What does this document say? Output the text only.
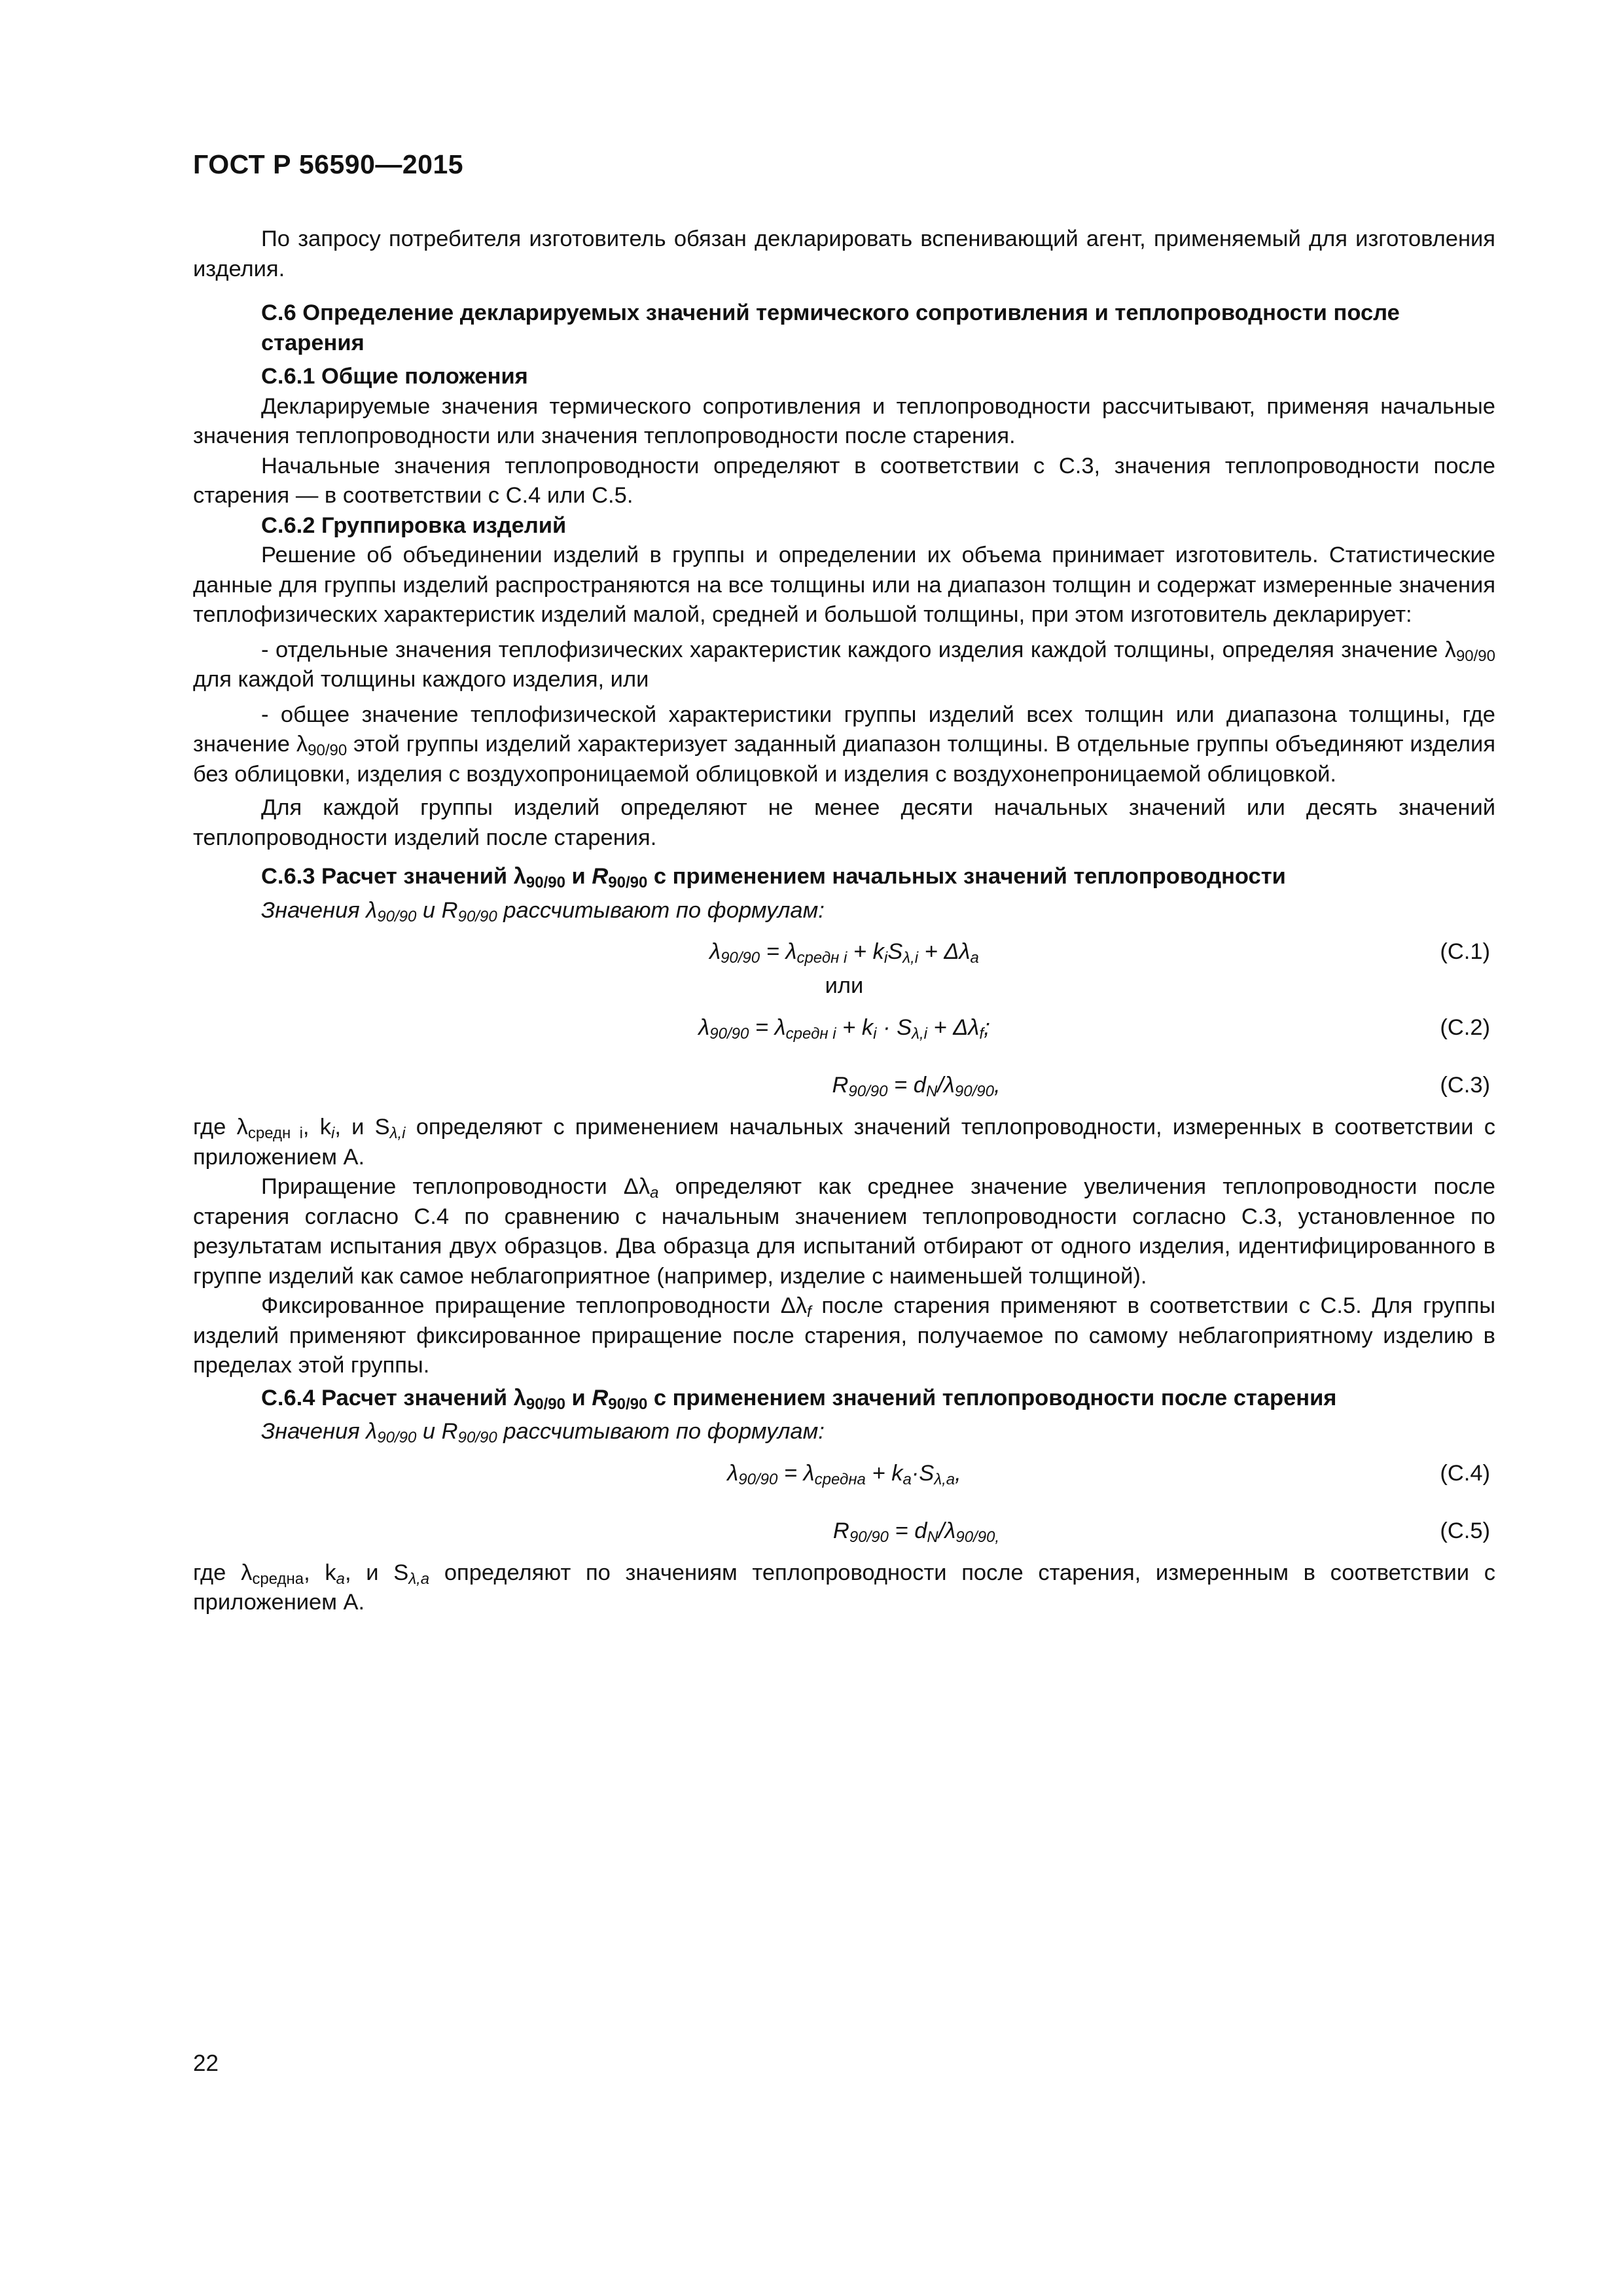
ГОСТ Р 56590—2015

По запросу потребителя изготовитель обязан декларировать вспенивающий агент, применяемый для изготовления изделия.

С.6 Определение декларируемых значений термического сопротивления и теплопроводности после старения
С.6.1 Общие положения

Декларируемые значения термического сопротивления и теплопроводности рассчитывают, применяя начальные значения теплопроводности или значения теплопроводности после старения.

Начальные значения теплопроводности определяют в соответствии с С.3, значения теплопроводности после старения — в соответствии с С.4 или С.5.

С.6.2 Группировка изделий

Решение об объединении изделий в группы и определении их объема принимает изготовитель. Статистические данные для группы изделий распространяются на все толщины или на диапазон толщин и содержат измеренные значения теплофизических характеристик изделий малой, средней и большой толщины, при этом изготовитель декларирует:

- отдельные значения теплофизических характеристик каждого изделия каждой толщины, определяя значение $\lambda_{90/90}$ для каждой толщины каждого изделия, или

- общее значение теплофизической характеристики группы изделий всех толщин или диапазона толщины, где значение $\lambda_{90/90}$ этой группы изделий характеризует заданный диапазон толщины. В отдельные группы объединяют изделия без облицовки, изделия с воздухопроницаемой облицовкой и изделия с воздухонепроницаемой облицовкой.

Для каждой группы изделий определяют не менее десяти начальных значений или десять значений теплопроводности изделий после старения.

С.6.3 Расчет значений $\lambda_{90/90}$ и $R_{90/90}$ с применением начальных значений теплопроводности

Значения $\lambda_{90/90}$ и $R_{90/90}$ рассчитывают по формулам:

$\lambda_{90/90} = \lambda_{средн i} + k_iS_{\lambda,i} + \Delta\lambda_a$	(С.1)
или
$\lambda_{90/90} = \lambda_{средн i} + k_i \cdot S_{\lambda,i} + \Delta\lambda_f$;	(С.2)
$R_{90/90} = d_N/\lambda_{90/90}$,	(С.3)

где $\lambda_{средн i}$, $k_i$, и $S_{\lambda,i}$ определяют с применением начальных значений теплопроводности, измеренных в соответствии с приложением А.

Приращение теплопроводности $\Delta\lambda_a$ определяют как среднее значение увеличения теплопроводности после старения согласно С.4 по сравнению с начальным значением теплопроводности согласно С.3, установленное по результатам испытания двух образцов. Два образца для испытаний отбирают от одного изделия, идентифицированного в группе изделий как самое неблагоприятное (например, изделие с наименьшей толщиной).

Фиксированное приращение теплопроводности $\Delta\lambda_f$ после старения применяют в соответствии с С.5. Для группы изделий применяют фиксированное приращение после старения, получаемое по самому неблагоприятному изделию в пределах этой группы.

С.6.4 Расчет значений $\lambda_{90/90}$ и $R_{90/90}$ с применением значений теплопроводности после старения

Значения $\lambda_{90/90}$ и $R_{90/90}$ рассчитывают по формулам:

$\lambda_{90/90} = \lambda_{средна} + k_a\cdot S_{\lambda,a}$,	(С.4)
$R_{90/90} = d_N/\lambda_{90/90,}$	(С.5)

где $\lambda_{средна}$, $k_a$, и $S_{\lambda,a}$ определяют по значениям теплопроводности после старения, измеренным в соответствии с приложением А.

22
